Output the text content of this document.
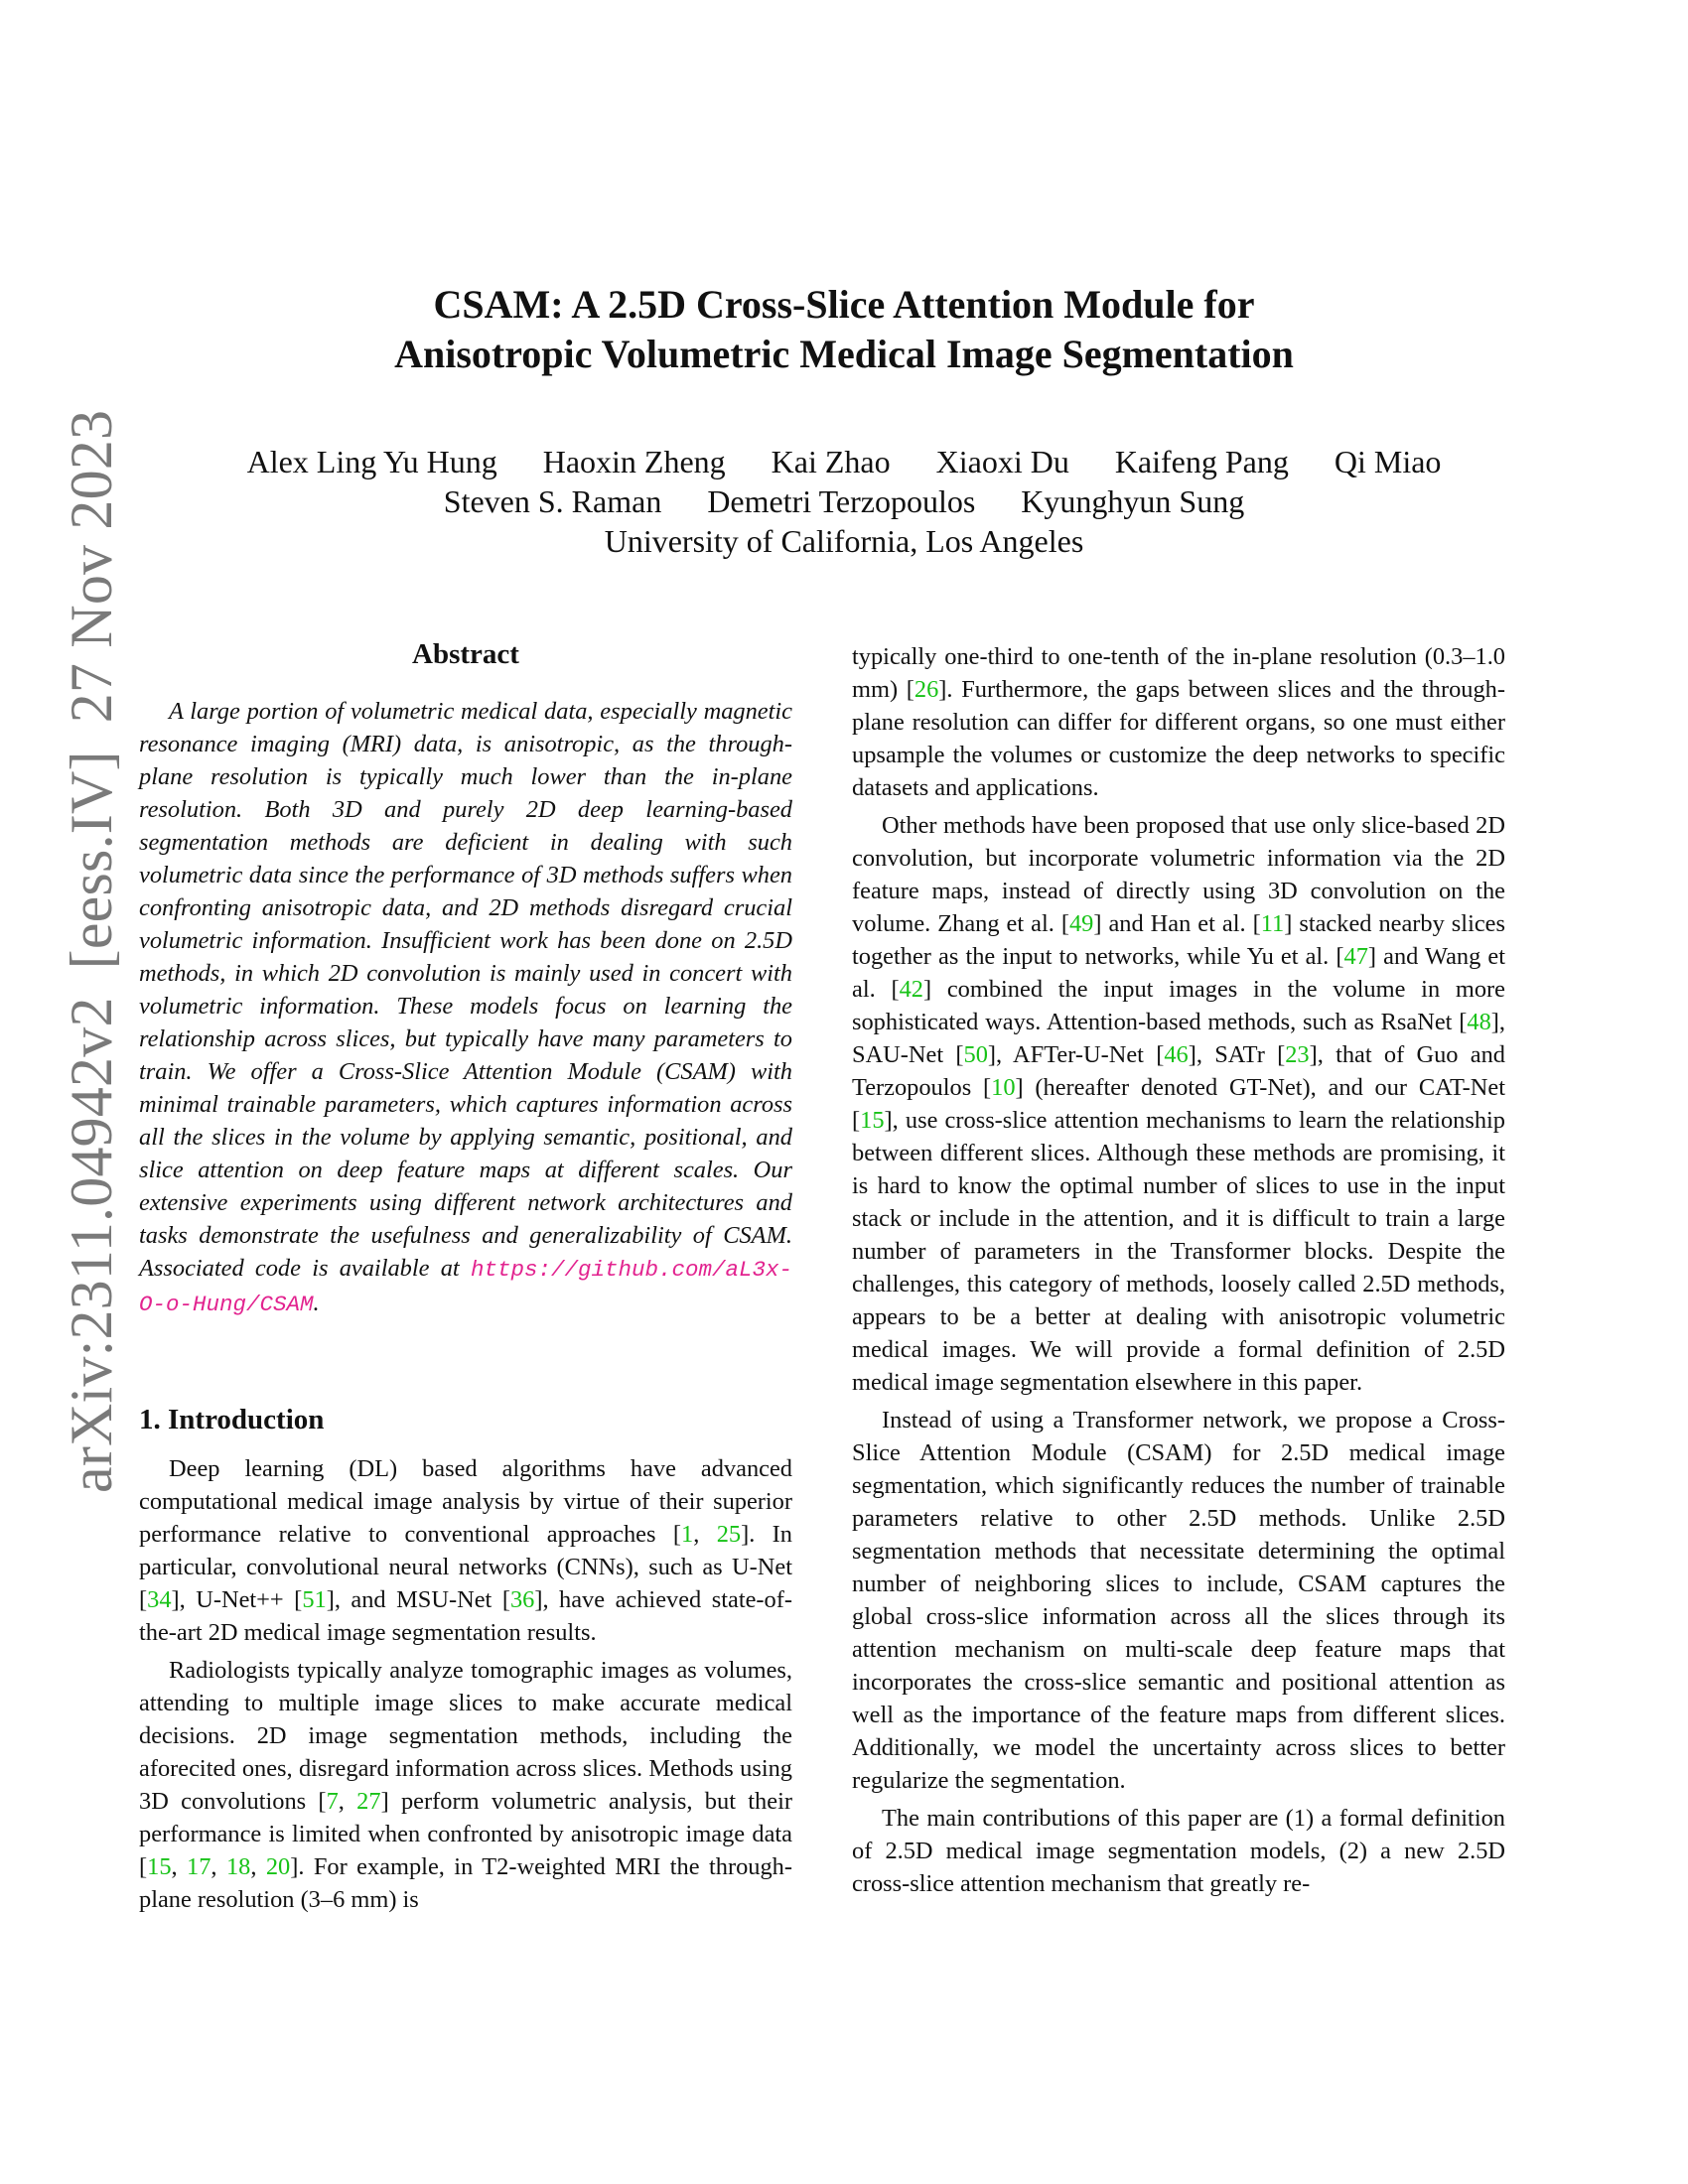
arXiv:2311.04942v2[eess.IV]27 Nov 2023
CSAM: A 2.5D Cross-Slice Attention Module for
Anisotropic Volumetric Medical Image Segmentation
Alex Ling Yu Hung Haoxin Zheng Kai Zhao Xiaoxi Du Kaifeng Pang Qi Miao
Steven S. Raman Demetri Terzopoulos Kyunghyun Sung
University of California, Los Angeles
Abstract

A large portion of volumetric medical data, especially magnetic resonance imaging (MRI) data, is anisotropic, as the through-plane resolution is typically much lower than the in-plane resolution. Both 3D and purely 2D deep learning-based segmentation methods are deficient in dealing with such volumetric data since the performance of 3D methods suffers when confronting anisotropic data, and 2D methods disregard crucial volumetric information. Insufficient work has been done on 2.5D methods, in which 2D convolution is mainly used in concert with volumetric information. These models focus on learning the relationship across slices, but typically have many parameters to train. We offer a Cross-Slice Attention Module (CSAM) with minimal trainable parameters, which captures information across all the slices in the volume by applying semantic, positional, and slice attention on deep feature maps at different scales. Our extensive experiments using different network architectures and tasks demonstrate the usefulness and generalizability of CSAM. Associated code is available at https://github.com/aL3x-O-o-Hung/CSAM.

1. Introduction

Deep learning (DL) based algorithms have advanced computational medical image analysis by virtue of their superior performance relative to conventional approaches [1, 25]. In particular, convolutional neural networks (CNNs), such as U-Net [34], U-Net++ [51], and MSU-Net [36], have achieved state-of-the-art 2D medical image segmentation results.

Radiologists typically analyze tomographic images as volumes, attending to multiple image slices to make accurate medical decisions. 2D image segmentation methods, including the aforecited ones, disregard information across slices. Methods using 3D convolutions [7, 27] perform volumetric analysis, but their performance is limited when confronted by anisotropic image data [15, 17, 18, 20]. For example, in T2-weighted MRI the through-plane resolution (3–6 mm) is

typically one-third to one-tenth of the in-plane resolution (0.3–1.0 mm) [26]. Furthermore, the gaps between slices and the through-plane resolution can differ for different organs, so one must either upsample the volumes or customize the deep networks to specific datasets and applications.

Other methods have been proposed that use only slice-based 2D convolution, but incorporate volumetric information via the 2D feature maps, instead of directly using 3D convolution on the volume. Zhang et al. [49] and Han et al. [11] stacked nearby slices together as the input to networks, while Yu et al. [47] and Wang et al. [42] combined the input images in the volume in more sophisticated ways. Attention-based methods, such as RsaNet [48], SAU-Net [50], AFTer-U-Net [46], SATr [23], that of Guo and Terzopoulos [10] (hereafter denoted GT-Net), and our CAT-Net [15], use cross-slice attention mechanisms to learn the relationship between different slices. Although these methods are promising, it is hard to know the optimal number of slices to use in the input stack or include in the attention, and it is difficult to train a large number of parameters in the Transformer blocks. Despite the challenges, this category of methods, loosely called 2.5D methods, appears to be a better at dealing with anisotropic volumetric medical images. We will provide a formal definition of 2.5D medical image segmentation elsewhere in this paper.

Instead of using a Transformer network, we propose a Cross-Slice Attention Module (CSAM) for 2.5D medical image segmentation, which significantly reduces the number of trainable parameters relative to other 2.5D methods. Unlike 2.5D segmentation methods that necessitate determining the optimal number of neighboring slices to include, CSAM captures the global cross-slice information across all the slices through its attention mechanism on multi-scale deep feature maps that incorporates the cross-slice semantic and positional attention as well as the importance of the feature maps from different slices. Additionally, we model the uncertainty across slices to better regularize the segmentation.

The main contributions of this paper are (1) a formal definition of 2.5D medical image segmentation models, (2) a new 2.5D cross-slice attention mechanism that greatly re-
